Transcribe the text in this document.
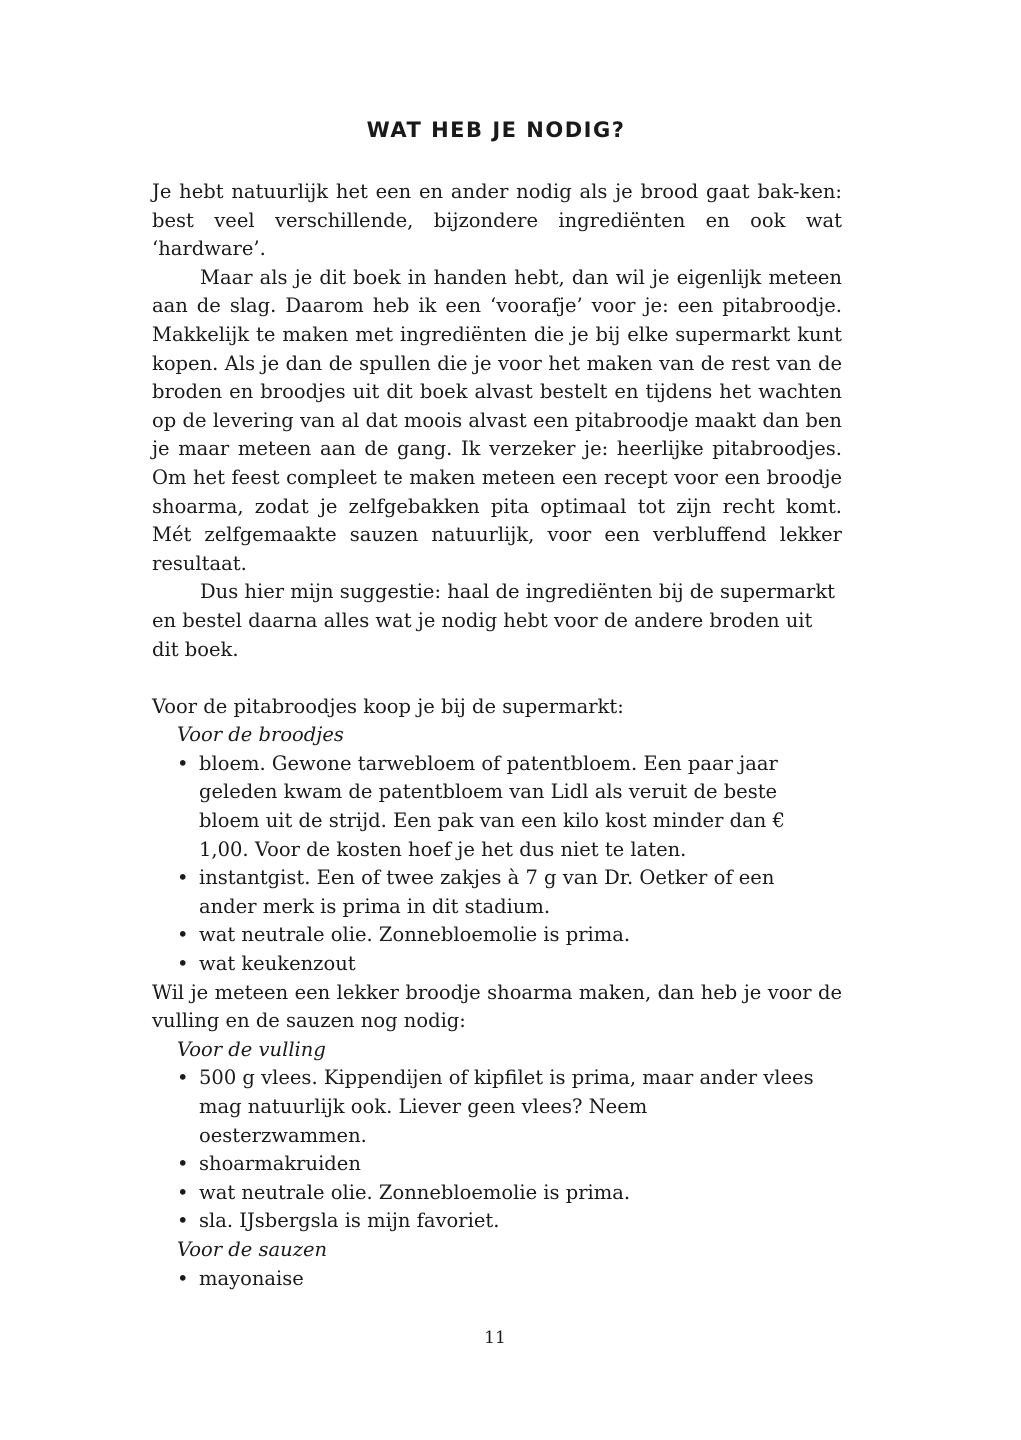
WAT HEB JE NODIG?

Je hebt natuurlijk het een en ander nodig als je brood gaat bak-ken: best veel verschillende, bijzondere ingrediënten en ook wat ‘hardware’.

Maar als je dit boek in handen hebt, dan wil je eigenlijk meteen aan de slag. Daarom heb ik een ‘voorafje’ voor je: een pitabroodje. Makkelijk te maken met ingrediënten die je bij elke supermarkt kunt kopen. Als je dan de spullen die je voor het maken van de rest van de broden en broodjes uit dit boek alvast bestelt en tijdens het wachten op de levering van al dat moois alvast een pitabroodje maakt dan ben je maar meteen aan de gang. Ik verzeker je: heerlijke pitabroodjes. Om het feest compleet te maken meteen een recept voor een broodje shoarma, zodat je zelfgebakken pita optimaal tot zijn recht komt. Mét zelfgemaakte sauzen natuurlijk, voor een verbluffend lekker resultaat.

Dus hier mijn suggestie: haal de ingrediënten bij de supermarkt en bestel daarna alles wat je nodig hebt voor de andere broden uit dit boek.

Voor de pitabroodjes koop je bij de supermarkt:

Voor de broodjes

• bloem. Gewone tarwebloem of patentbloem. Een paar jaar geleden kwam de patentbloem van Lidl als veruit de beste bloem uit de strijd. Een pak van een kilo kost minder dan € 1,00. Voor de kosten hoef je het dus niet te laten.
• instantgist. Een of twee zakjes à 7 g van Dr. Oetker of een ander merk is prima in dit stadium.
• wat neutrale olie. Zonnebloemolie is prima.
• wat keukenzout

Wil je meteen een lekker broodje shoarma maken, dan heb je voor de vulling en de sauzen nog nodig:

Voor de vulling

• 500 g vlees. Kippendijen of kipfilet is prima, maar ander vlees mag natuurlijk ook. Liever geen vlees? Neem oesterzwammen.
• shoarmakruiden
• wat neutrale olie. Zonnebloemolie is prima.
• sla. IJsbergsla is mijn favoriet.

Voor de sauzen

• mayonaise
11
